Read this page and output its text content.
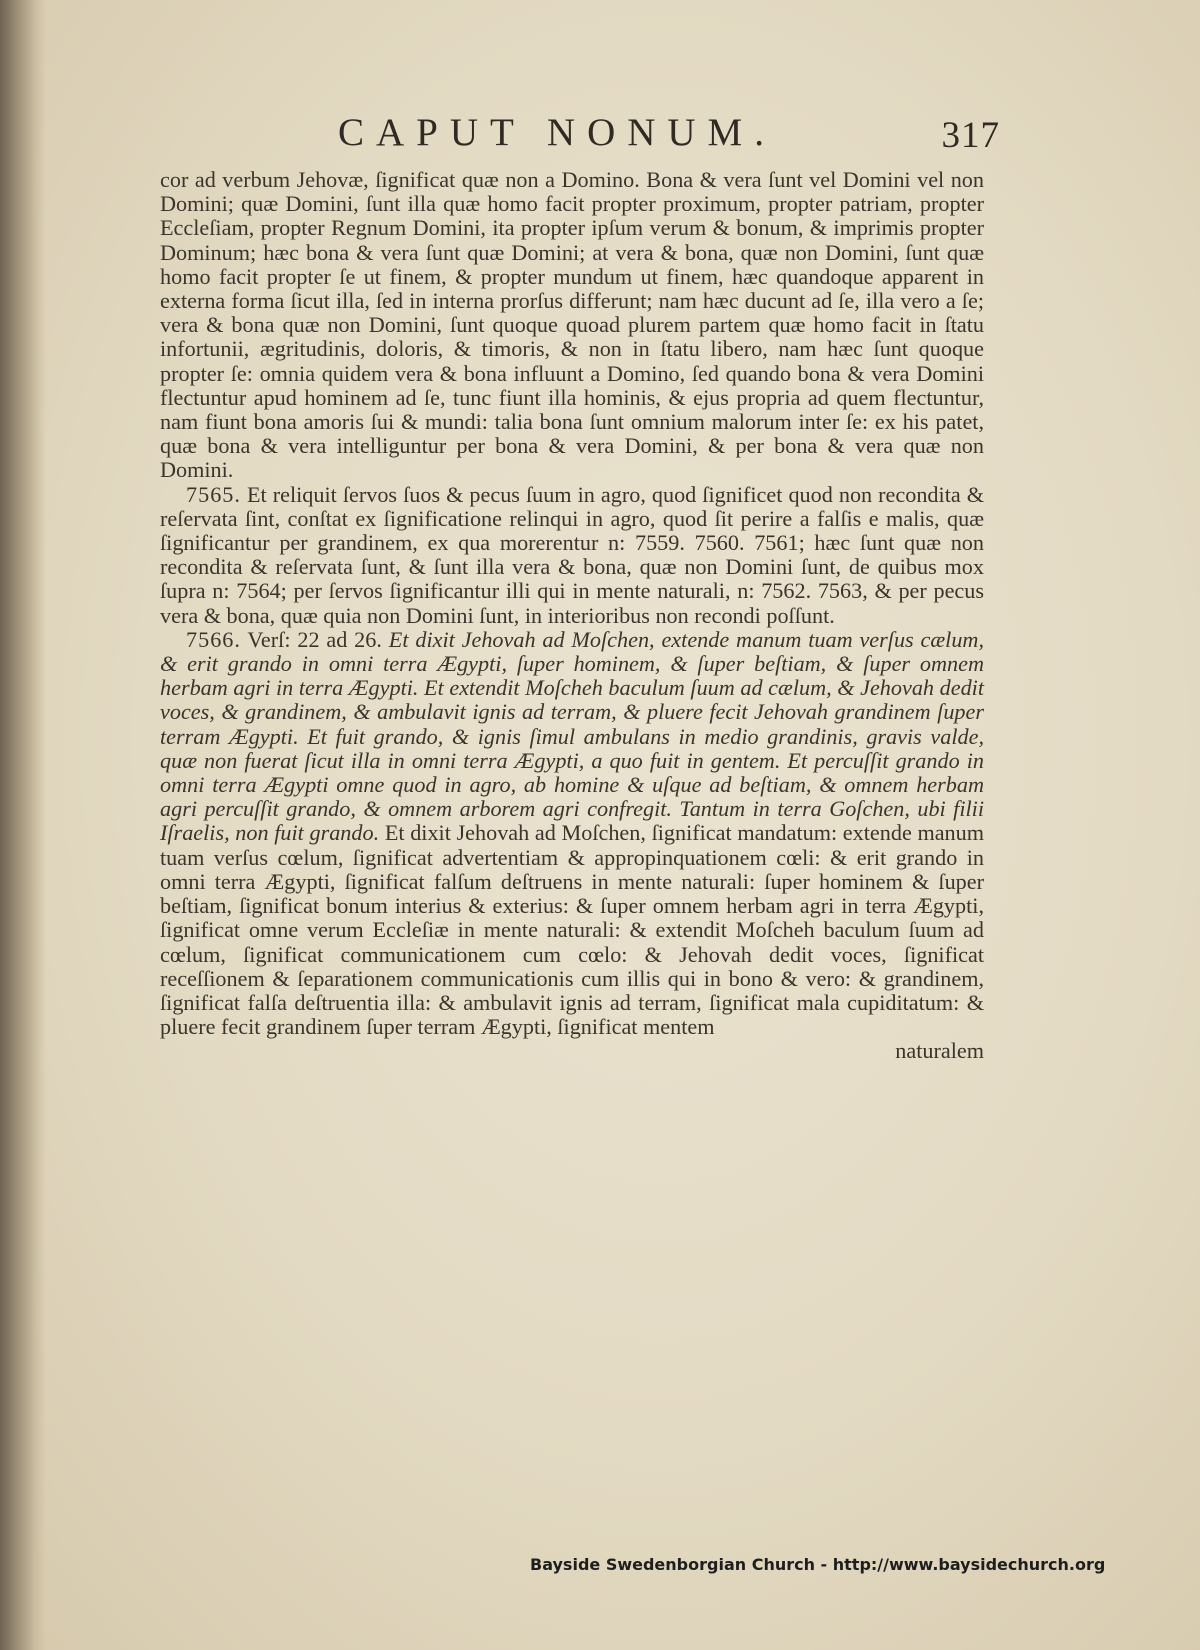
CAPUT NONUM.	317

cor ad verbum Jehovæ, ſignificat quæ non a Domino. Bona & vera ſunt vel Domini vel non Domini; quæ Domini, ſunt illa quæ homo facit propter proximum, propter patriam, propter Eccleſiam, propter Regnum Domini, ita propter ipſum verum & bonum, & imprimis propter Dominum; hæc bona & vera ſunt quæ Domini; at vera & bona, quæ non Domini, ſunt quæ homo facit propter ſe ut finem, & propter mundum ut finem, hæc quandoque apparent in externa forma ſicut illa, ſed in interna prorſus differunt; nam hæc ducunt ad ſe, illa vero a ſe; vera & bona quæ non Domini, ſunt quoque quoad plurem partem quæ homo facit in ſtatu infortunii, ægritudinis, doloris, & timoris, & non in ſtatu libero, nam hæc ſunt quoque propter ſe: omnia quidem vera & bona influunt a Domino, ſed quando bona & vera Domini flectuntur apud hominem ad ſe, tunc fiunt illa hominis, & ejus propria ad quem flectuntur, nam fiunt bona amoris ſui & mundi: talia bona ſunt omnium malorum inter ſe: ex his patet, quæ bona & vera intelliguntur per bona & vera Domini, & per bona & vera quæ non Domini.

7565. Et reliquit ſervos ſuos & pecus ſuum in agro, quod ſignificet quod non recondita & reſervata ſint, conſtat ex ſignificatione relinqui in agro, quod ſit perire a falſis e malis, quæ ſignificantur per grandinem, ex qua morerentur n: 7559. 7560. 7561; hæc ſunt quæ non recondita & reſervata ſunt, & ſunt illa vera & bona, quæ non Domini ſunt, de quibus mox ſupra n: 7564; per ſervos ſignificantur illi qui in mente naturali, n: 7562. 7563, & per pecus vera & bona, quæ quia non Domini ſunt, in interioribus non recondi poſſunt.

7566. Verſ: 22 ad 26. Et dixit Jehovah ad Moſchen, extende manum tuam verſus cælum, & erit grando in omni terra Ægypti, ſuper hominem, & ſuper beſtiam, & ſuper omnem herbam agri in terra Ægypti. Et extendit Moſcheh baculum ſuum ad cælum, & Jehovah dedit voces, & grandinem, & ambulavit ignis ad terram, & pluere fecit Jehovah grandinem ſuper terram Ægypti. Et fuit grando, & ignis ſimul ambulans in medio grandinis, gravis valde, quæ non fuerat ſicut illa in omni terra Ægypti, a quo fuit in gentem. Et percuſſit grando in omni terra Ægypti omne quod in agro, ab homine & uſque ad beſtiam, & omnem herbam agri percuſſit grando, & omnem arborem agri confregit. Tantum in terra Goſchen, ubi filii Iſraelis, non fuit grando. Et dixit Jehovah ad Moſchen, ſignificat mandatum: extende manum tuam verſus cœlum, ſignificat advertentiam & appropinquationem cœli: & erit grando in omni terra Ægypti, ſignificat falſum deſtruens in mente naturali: ſuper hominem & ſuper beſtiam, ſignificat bonum interius & exterius: & ſuper omnem herbam agri in terra Ægypti, ſignificat omne verum Eccleſiæ in mente naturali: & extendit Moſcheh baculum ſuum ad cœlum, ſignificat communicationem cum cœlo: & Jehovah dedit voces, ſignificat receſſionem & ſeparationem communicationis cum illis qui in bono & vero: & grandinem, ſignificat falſa deſtruentia illa: & ambulavit ignis ad terram, ſignificat mala cupiditatum: & pluere fecit grandinem ſuper terram Ægypti, ſignificat mentem

naturalem

Bayside Swedenborgian Church - http://www.baysidechurch.org
